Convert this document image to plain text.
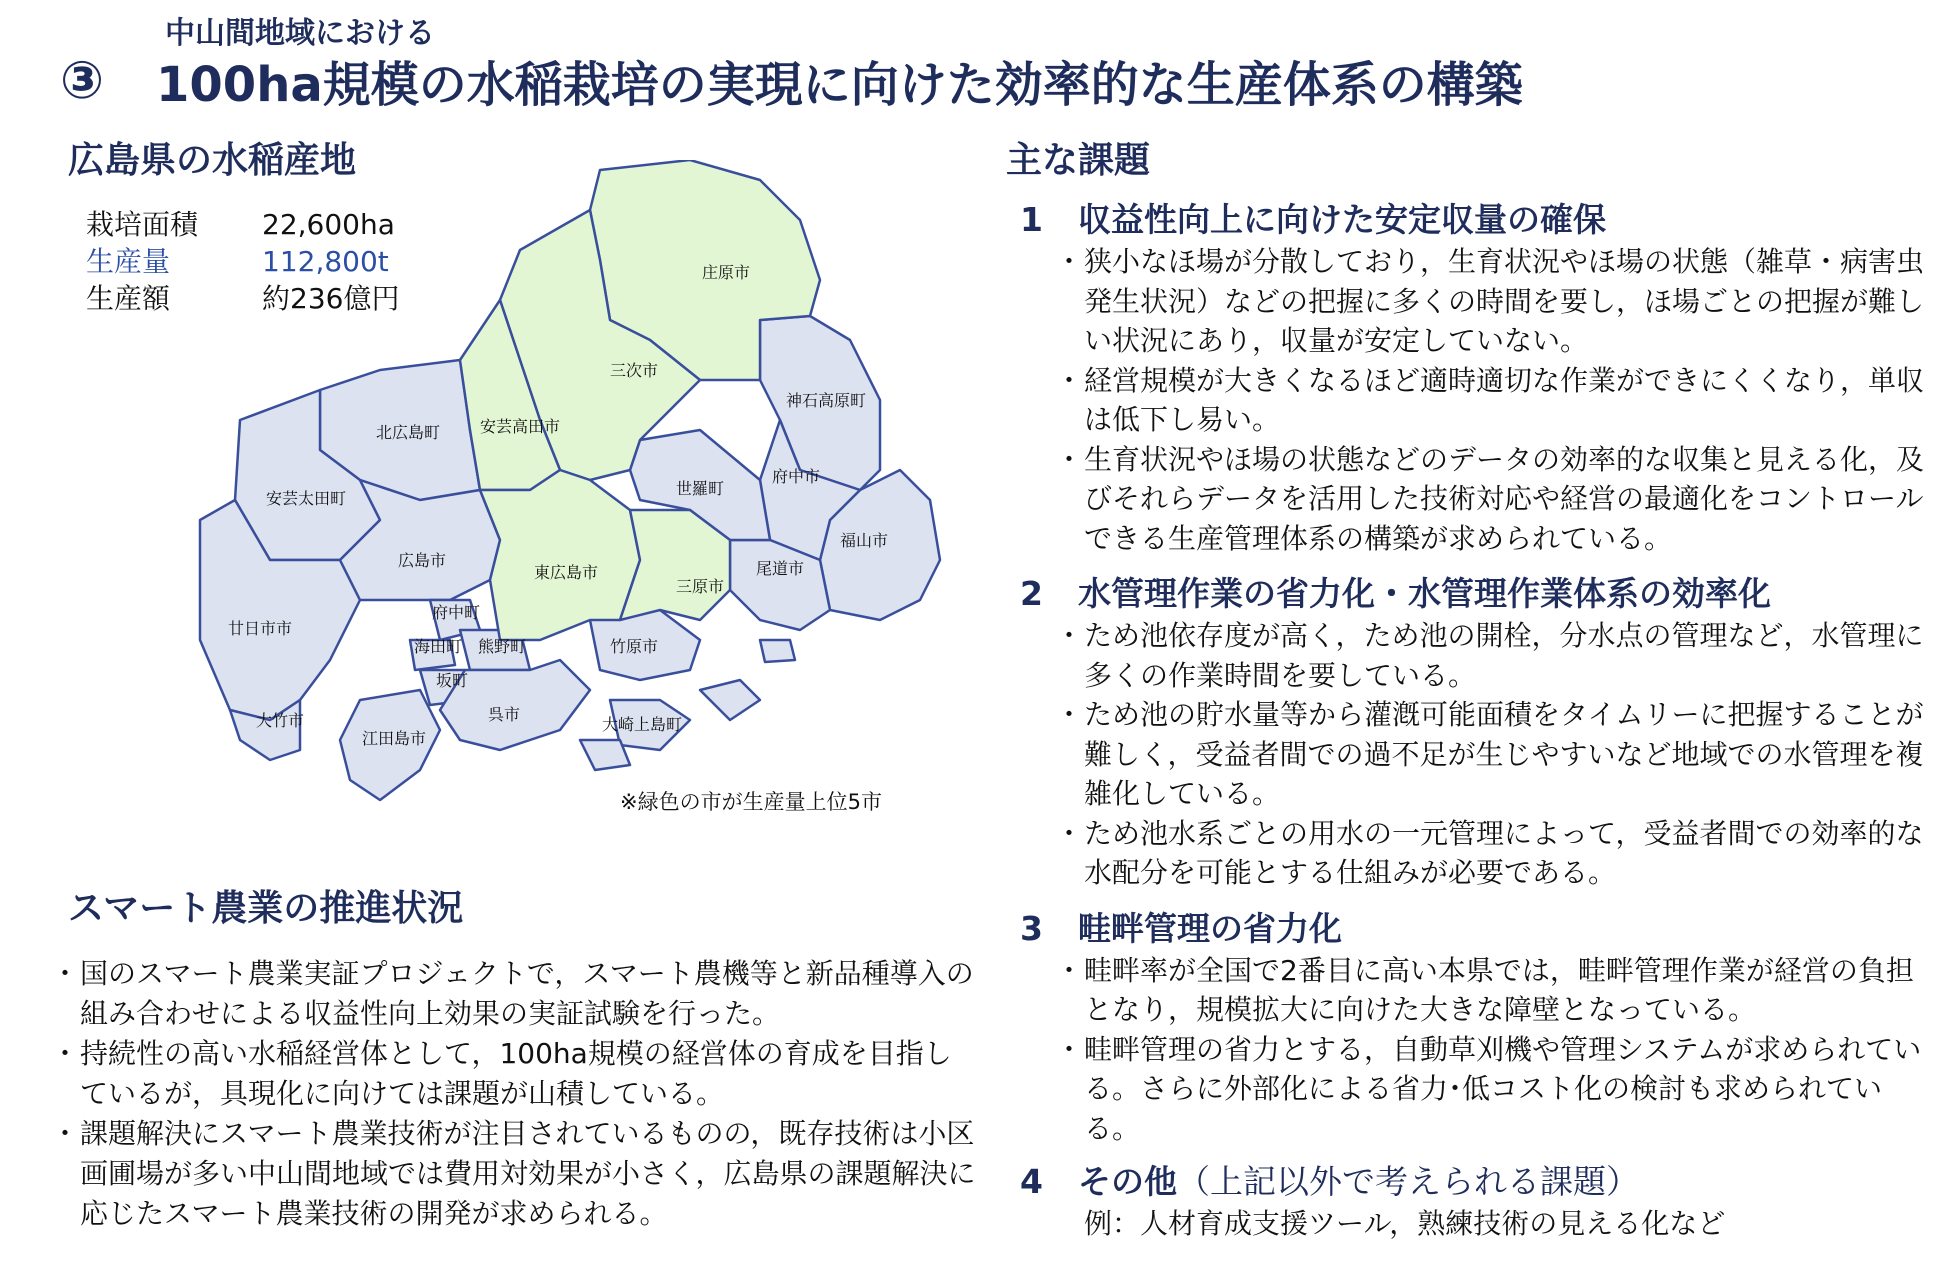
中山間地域における
③	100ha規模の水稲栽培の実現に向けた効率的な生産体系の構築
広島県の水稲産地
栽培面積	22,600ha
生産量	112,800t
生産額	約236億円
庄原市
三次市
神石高原町
北広島町 安芸高田市
世羅町
府中市
安芸太田町
福山市
広島市
東広島市
三原市
尾道市
廿日市市
府中町
海田町 熊野町
坂町
竹原市
大竹市	呉市
江田島市
大崎上島町
※緑色の市が生産量上位5市
スマート農業の推進状況
･ 国のスマート農業実証プロジェクトで，スマート農機等と新品種導入の組み合わせによる収益性向上効果の実証試験を行った。
･ 持続性の高い水稲経営体として，100ha規模の経営体の育成を目指しているが，具現化に向けては課題が山積している。
･ 課題解決にスマート農業技術が注目されているものの，既存技術は小区画圃場が多い中山間地域では費用対効果が小さく，広島県の課題解決に応じたスマート農業技術の開発が求められる。
主な課題
1	収益性向上に向けた安定収量の確保
･ 狭小なほ場が分散しており，生育状況やほ場の状態（雑草・病害虫発生状況）などの把握に多くの時間を要し，ほ場ごとの把握が難しい状況にあり，収量が安定していない。
･ 経営規模が大きくなるほど適時適切な作業ができにくくなり，単収は低下し易い。
･ 生育状況やほ場の状態などのデータの効率的な収集と見える化，及びそれらデータを活用した技術対応や経営の最適化をコントロールできる生産管理体系の構築が求められている。
2	水管理作業の省力化・水管理作業体系の効率化
･ ため池依存度が高く，ため池の開栓，分水点の管理など，水管理に多くの作業時間を要している。
･ ため池の貯水量等から灌漑可能面積をタイムリーに把握することが難しく，受益者間での過不足が生じやすいなど地域での水管理を複雑化している。
･ ため池水系ごとの用水の一元管理によって，受益者間での効率的な水配分を可能とする仕組みが必要である。
3	畦畔管理の省力化
･ 畦畔率が全国で2番目に高い本県では，畦畔管理作業が経営の負担となり，規模拡大に向けた大きな障壁となっている。
･ 畦畔管理の省力とする，自動草刈機や管理システムが求められている。さらに外部化による省力･低コスト化の検討も求められている。
4	その他 （上記以外で考えられる課題）
例：人材育成支援ツール，熟練技術の見える化など
